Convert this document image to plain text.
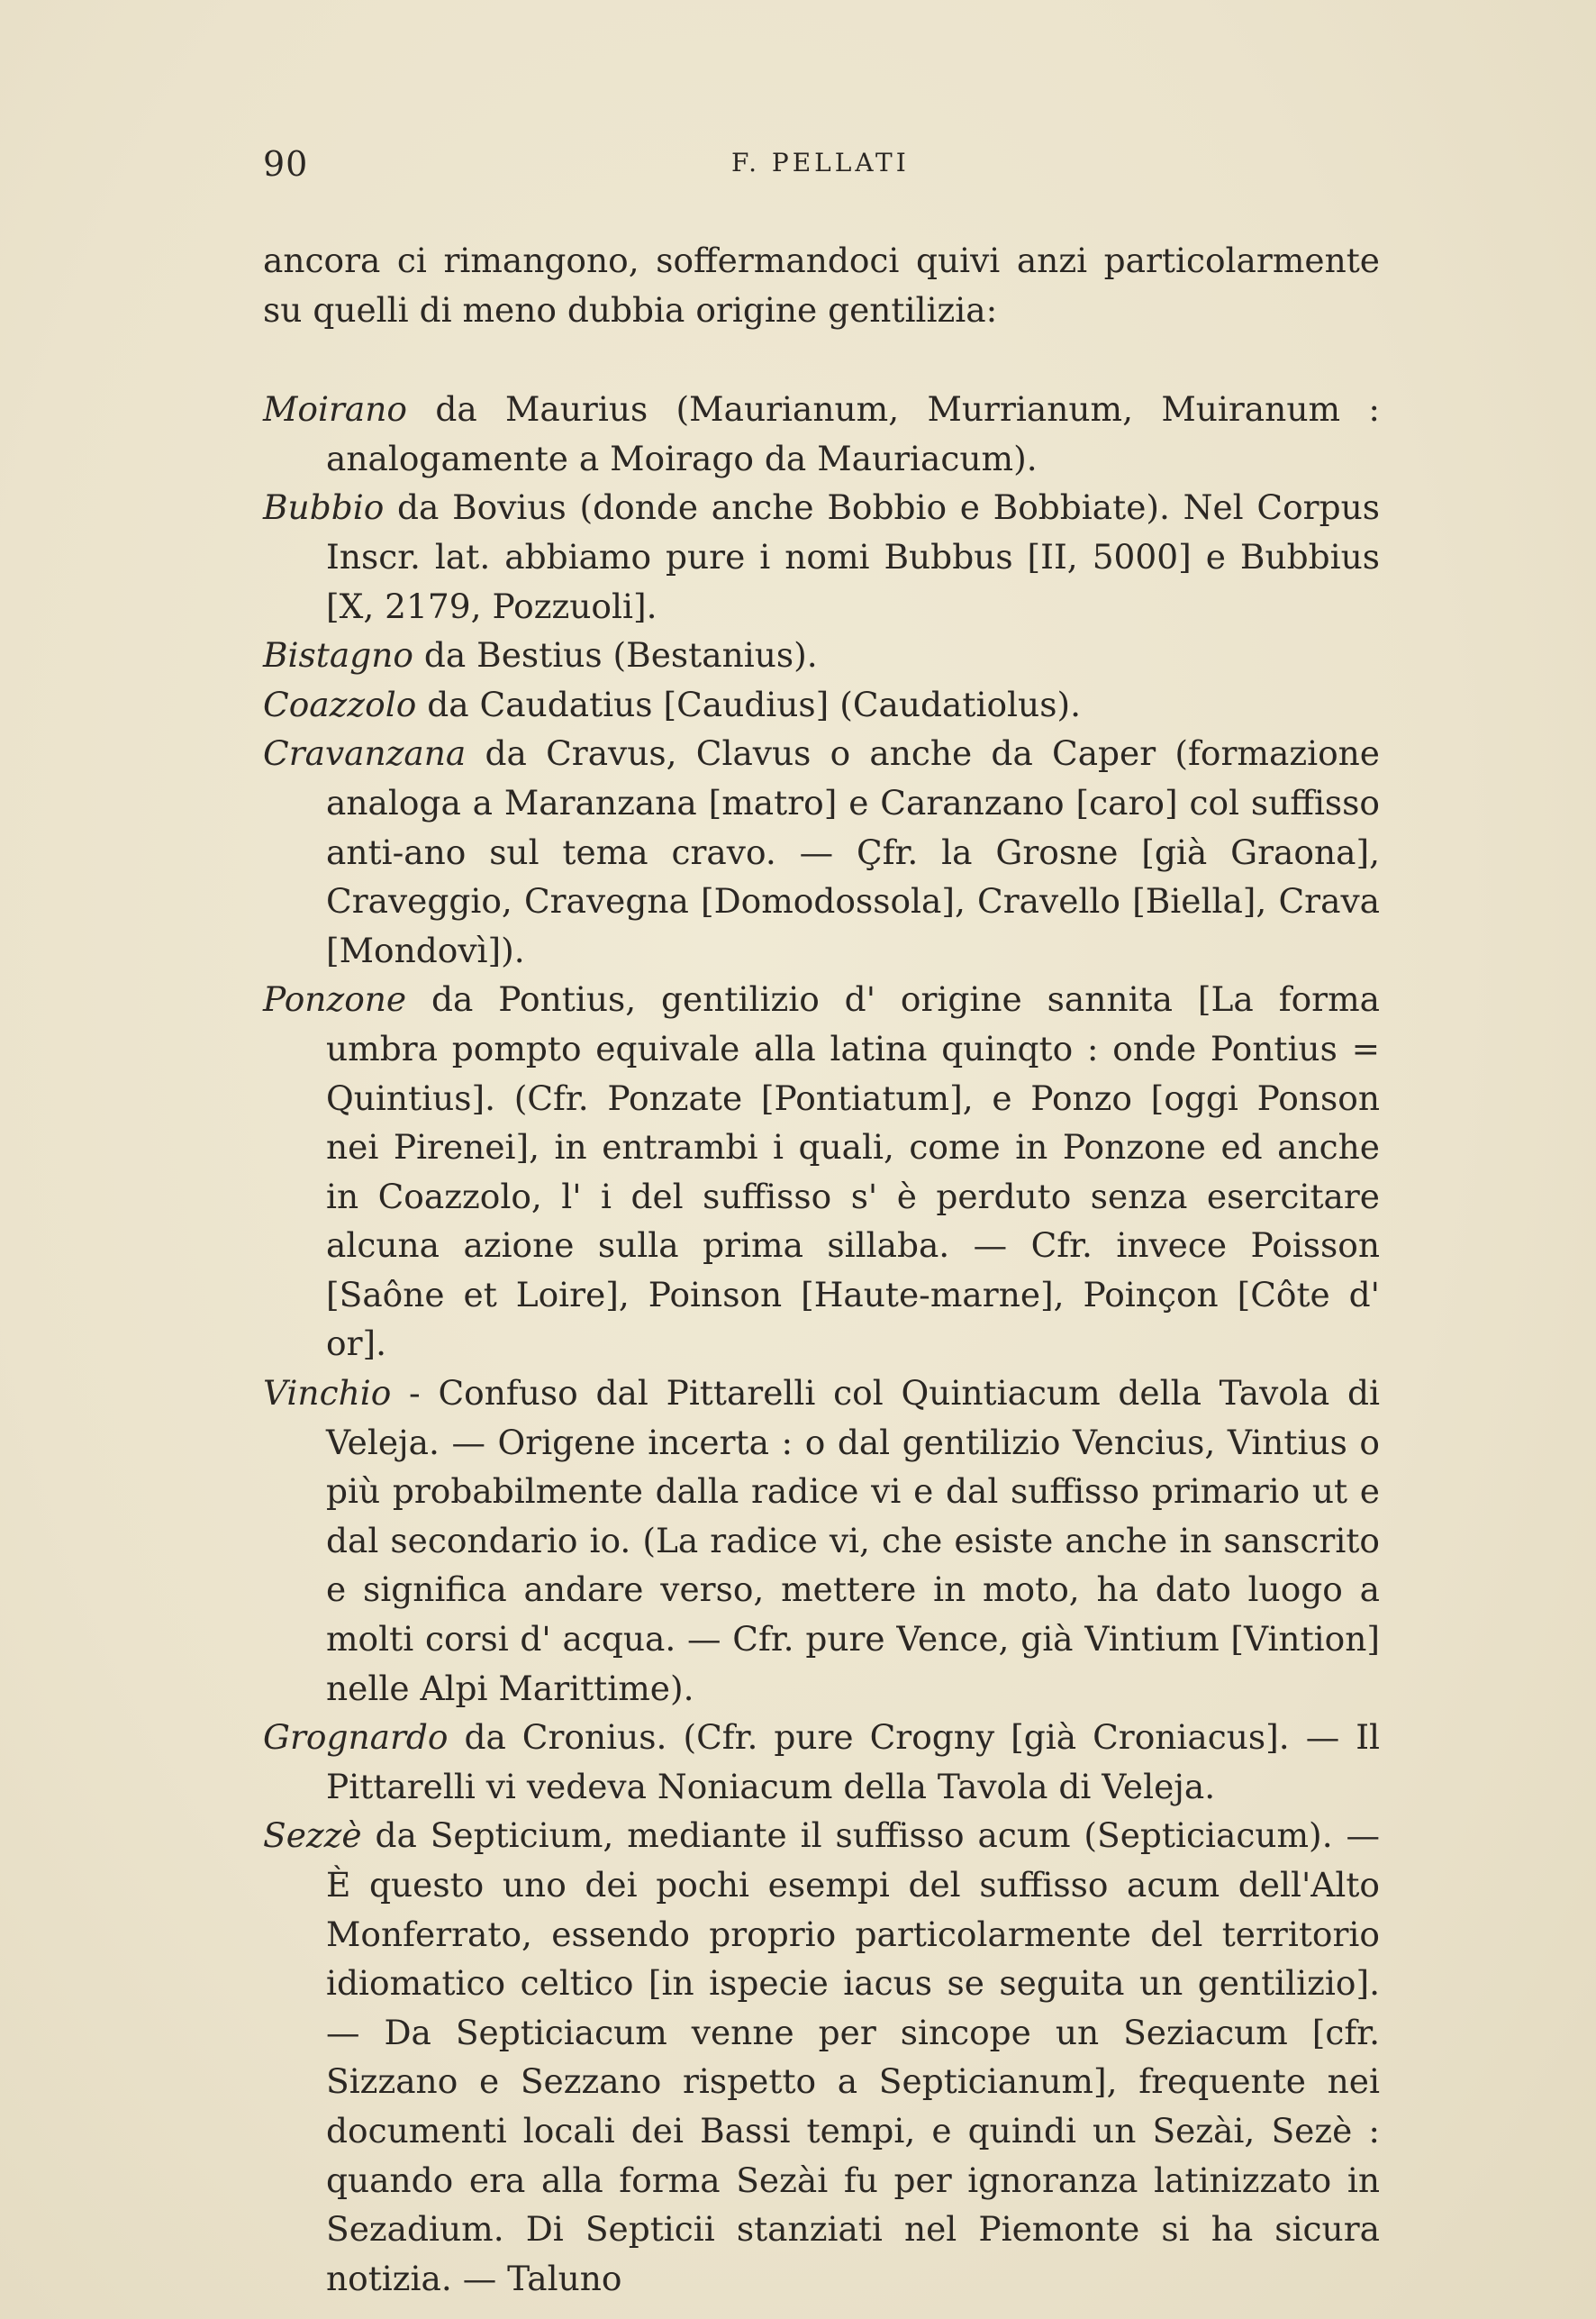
90	F. PELLATI

ancora ci rimangono, soffermandoci quivi anzi particolarmente su quelli di meno dubbia origine gentilizia:

Moirano da Maurius (Maurianum, Murrianum, Muiranum : analogamente a Moirago da Mauriacum).

Bubbio da Bovius (donde anche Bobbio e Bobbiate). Nel Corpus Inscr. lat. abbiamo pure i nomi Bubbus [II, 5000] e Bubbius [X, 2179, Pozzuoli].

Bistagno da Bestius (Bestanius).

Coazzolo da Caudatius [Caudius] (Caudatiolus).

Cravanzana da Cravus, Clavus o anche da Caper (formazione analoga a Maranzana [matro] e Caranzano [caro] col suffisso anti-ano sul tema cravo. — Çfr. la Grosne [già Graona], Craveggio, Cravegna [Domodossola], Cravello [Biella], Crava [Mondovì]).

Ponzone da Pontius, gentilizio d' origine sannita [La forma umbra pompto equivale alla latina quinqto : onde Pontius = Quintius]. (Cfr. Ponzate [Pontiatum], e Ponzo [oggi Ponson nei Pirenei], in entrambi i quali, come in Ponzone ed anche in Coazzolo, l' i del suffisso s' è perduto senza esercitare alcuna azione sulla prima sillaba. — Cfr. invece Poisson [Saône et Loire], Poinson [Haute-marne], Poinçon [Côte d' or].

Vinchio - Confuso dal Pittarelli col Quintiacum della Tavola di Veleja. — Origene incerta : o dal gentilizio Vencius, Vintius o più probabilmente dalla radice vi e dal suffisso primario ut e dal secondario io. (La radice vi, che esiste anche in sanscrito e significa andare verso, mettere in moto, ha dato luogo a molti corsi d' acqua. — Cfr. pure Vence, già Vintium [Vintion] nelle Alpi Marittime).

Grognardo da Cronius. (Cfr. pure Crogny [già Croniacus]. — Il Pittarelli vi vedeva Noniacum della Tavola di Veleja.

Sezzè da Septicium, mediante il suffisso acum (Septiciacum). — È questo uno dei pochi esempi del suffisso acum dell'Alto Monferrato, essendo proprio particolarmente del territorio idiomatico celtico [in ispecie iacus se seguita un gentilizio]. — Da Septiciacum venne per sincope un Seziacum [cfr. Sizzano e Sezzano rispetto a Septicianum], frequente nei documenti locali dei Bassi tempi, e quindi un Sezài, Sezè : quando era alla forma Sezài fu per ignoranza latinizzato in Sezadium. Di Septicii stanziati nel Piemonte si ha sicura notizia. — Taluno
